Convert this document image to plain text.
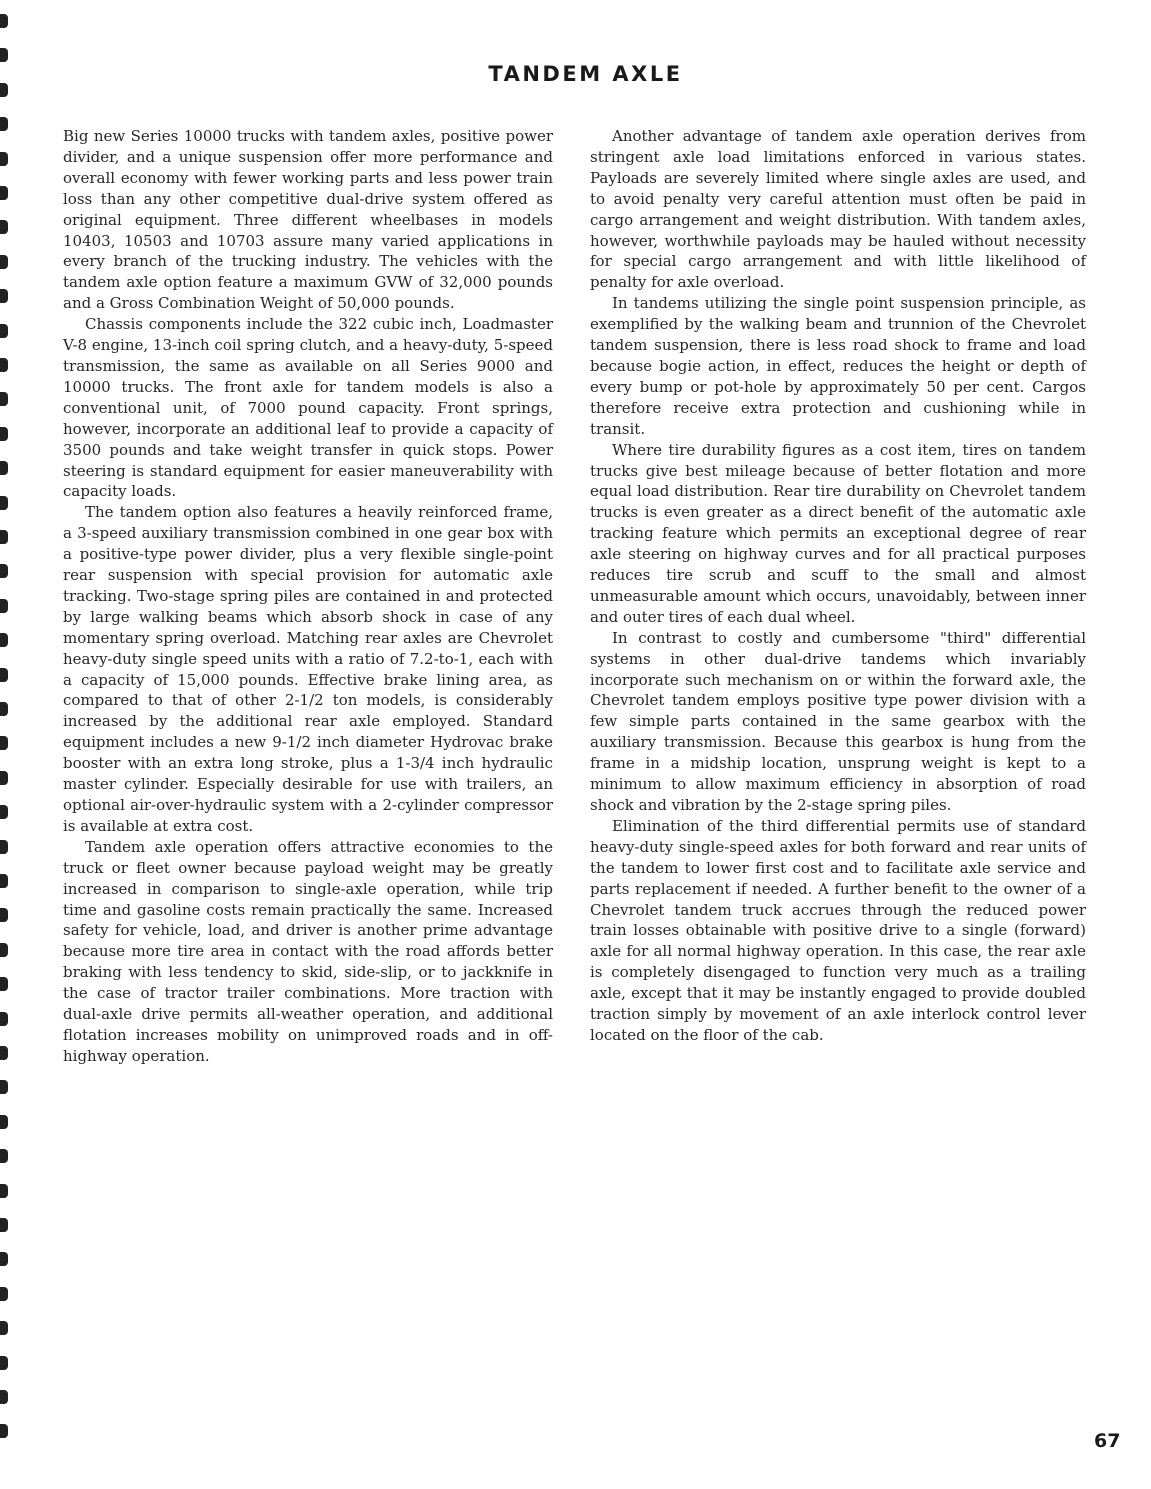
TANDEM AXLE

Big new Series 10000 trucks with tandem axles, positive power divider, and a unique suspension offer more performance and overall economy with fewer working parts and less power train loss than any other competitive dual-drive system offered as original equipment. Three different wheelbases in models 10403, 10503 and 10703 assure many varied applications in every branch of the trucking industry. The vehicles with the tandem axle option feature a maximum GVW of 32,000 pounds and a Gross Combination Weight of 50,000 pounds.

Chassis components include the 322 cubic inch, Loadmaster V-8 engine, 13-inch coil spring clutch, and a heavy-duty, 5-speed transmission, the same as available on all Series 9000 and 10000 trucks. The front axle for tandem models is also a conventional unit, of 7000 pound capacity. Front springs, however, incorporate an additional leaf to provide a capacity of 3500 pounds and take weight transfer in quick stops. Power steering is standard equipment for easier maneuverability with capacity loads.

The tandem option also features a heavily reinforced frame, a 3-speed auxiliary transmission combined in one gear box with a positive-type power divider, plus a very flexible single-point rear suspension with special provision for automatic axle tracking. Two-stage spring piles are contained in and protected by large walking beams which absorb shock in case of any momentary spring overload. Matching rear axles are Chevrolet heavy-duty single speed units with a ratio of 7.2-to-1, each with a capacity of 15,000 pounds. Effective brake lining area, as compared to that of other 2-1/2 ton models, is considerably increased by the additional rear axle employed. Standard equipment includes a new 9-1/2 inch diameter Hydrovac brake booster with an extra long stroke, plus a 1-3/4 inch hydraulic master cylinder. Especially desirable for use with trailers, an optional air-over-hydraulic system with a 2-cylinder compressor is available at extra cost.

Tandem axle operation offers attractive economies to the truck or fleet owner because payload weight may be greatly increased in comparison to single-axle operation, while trip time and gasoline costs remain practically the same. Increased safety for vehicle, load, and driver is another prime advantage because more tire area in contact with the road affords better braking with less tendency to skid, side-slip, or to jackknife in the case of tractor trailer combinations. More traction with dual-axle drive permits all-weather operation, and additional flotation increases mobility on unimproved roads and in off-highway operation.

Another advantage of tandem axle operation derives from stringent axle load limitations enforced in various states. Payloads are severely limited where single axles are used, and to avoid penalty very careful attention must often be paid in cargo arrangement and weight distribution. With tandem axles, however, worthwhile payloads may be hauled without necessity for special cargo arrangement and with little likelihood of penalty for axle overload.

In tandems utilizing the single point suspension principle, as exemplified by the walking beam and trunnion of the Chevrolet tandem suspension, there is less road shock to frame and load because bogie action, in effect, reduces the height or depth of every bump or pot-hole by approximately 50 per cent. Cargos therefore receive extra protection and cushioning while in transit.

Where tire durability figures as a cost item, tires on tandem trucks give best mileage because of better flotation and more equal load distribution. Rear tire durability on Chevrolet tandem trucks is even greater as a direct benefit of the automatic axle tracking feature which permits an exceptional degree of rear axle steering on highway curves and for all practical purposes reduces tire scrub and scuff to the small and almost unmeasurable amount which occurs, unavoidably, between inner and outer tires of each dual wheel.

In contrast to costly and cumbersome "third" differential systems in other dual-drive tandems which invariably incorporate such mechanism on or within the forward axle, the Chevrolet tandem employs positive type power division with a few simple parts contained in the same gearbox with the auxiliary transmission. Because this gearbox is hung from the frame in a midship location, unsprung weight is kept to a minimum to allow maximum efficiency in absorption of road shock and vibration by the 2-stage spring piles.

Elimination of the third differential permits use of standard heavy-duty single-speed axles for both forward and rear units of the tandem to lower first cost and to facilitate axle service and parts replacement if needed. A further benefit to the owner of a Chevrolet tandem truck accrues through the reduced power train losses obtainable with positive drive to a single (forward) axle for all normal highway operation. In this case, the rear axle is completely disengaged to function very much as a trailing axle, except that it may be instantly engaged to provide doubled traction simply by movement of an axle interlock control lever located on the floor of the cab.

67
